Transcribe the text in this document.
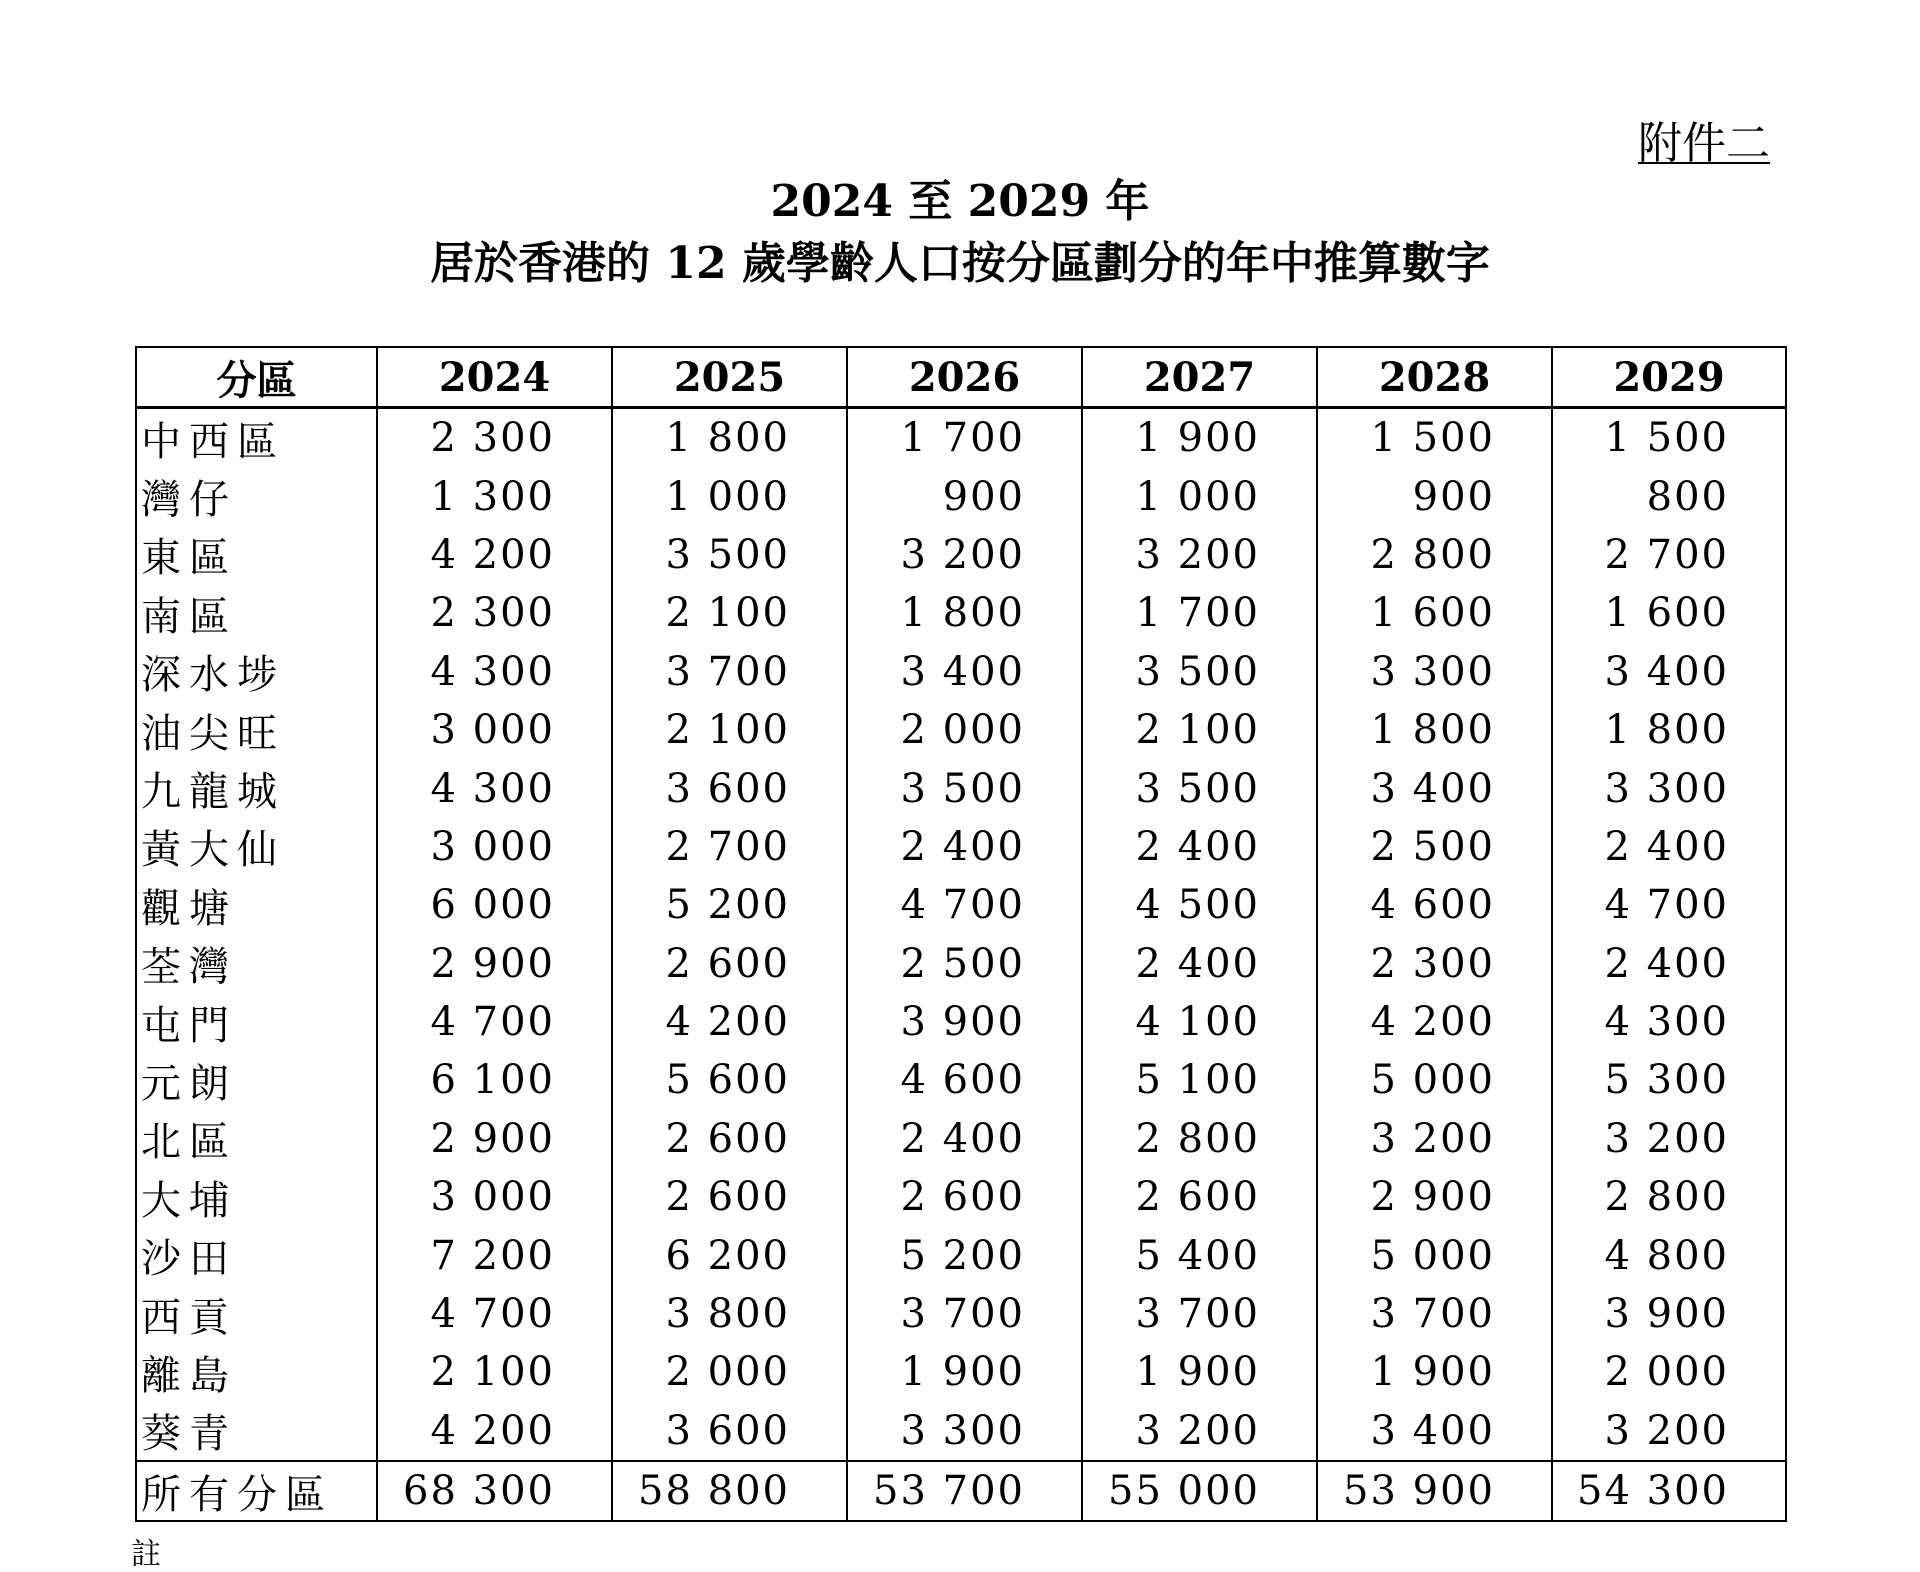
附件二
2024 至 2029 年
居於香港的 12 歲學齡人口按分區劃分的年中推算數字
分區	2024	2025	2026	2027	2028	2029
中西區	2 300	1 800	1 700	1 900	1 500	1 500
灣仔	1 300	1 000	900	1 000	900	800
東區	4 200	3 500	3 200	3 200	2 800	2 700
南區	2 300	2 100	1 800	1 700	1 600	1 600
深水埗	4 300	3 700	3 400	3 500	3 300	3 400
油尖旺	3 000	2 100	2 000	2 100	1 800	1 800
九龍城	4 300	3 600	3 500	3 500	3 400	3 300
黃大仙	3 000	2 700	2 400	2 400	2 500	2 400
觀塘	6 000	5 200	4 700	4 500	4 600	4 700
荃灣	2 900	2 600	2 500	2 400	2 300	2 400
屯門	4 700	4 200	3 900	4 100	4 200	4 300
元朗	6 100	5 600	4 600	5 100	5 000	5 300
北區	2 900	2 600	2 400	2 800	3 200	3 200
大埔	3 000	2 600	2 600	2 600	2 900	2 800
沙田	7 200	6 200	5 200	5 400	5 000	4 800
西貢	4 700	3 800	3 700	3 700	3 700	3 900
離島	2 100	2 000	1 900	1 900	1 900	2 000
葵青	4 200	3 600	3 300	3 200	3 400	3 200
所有分區	68 300	58 800	53 700	55 000	53 900	54 300
註
